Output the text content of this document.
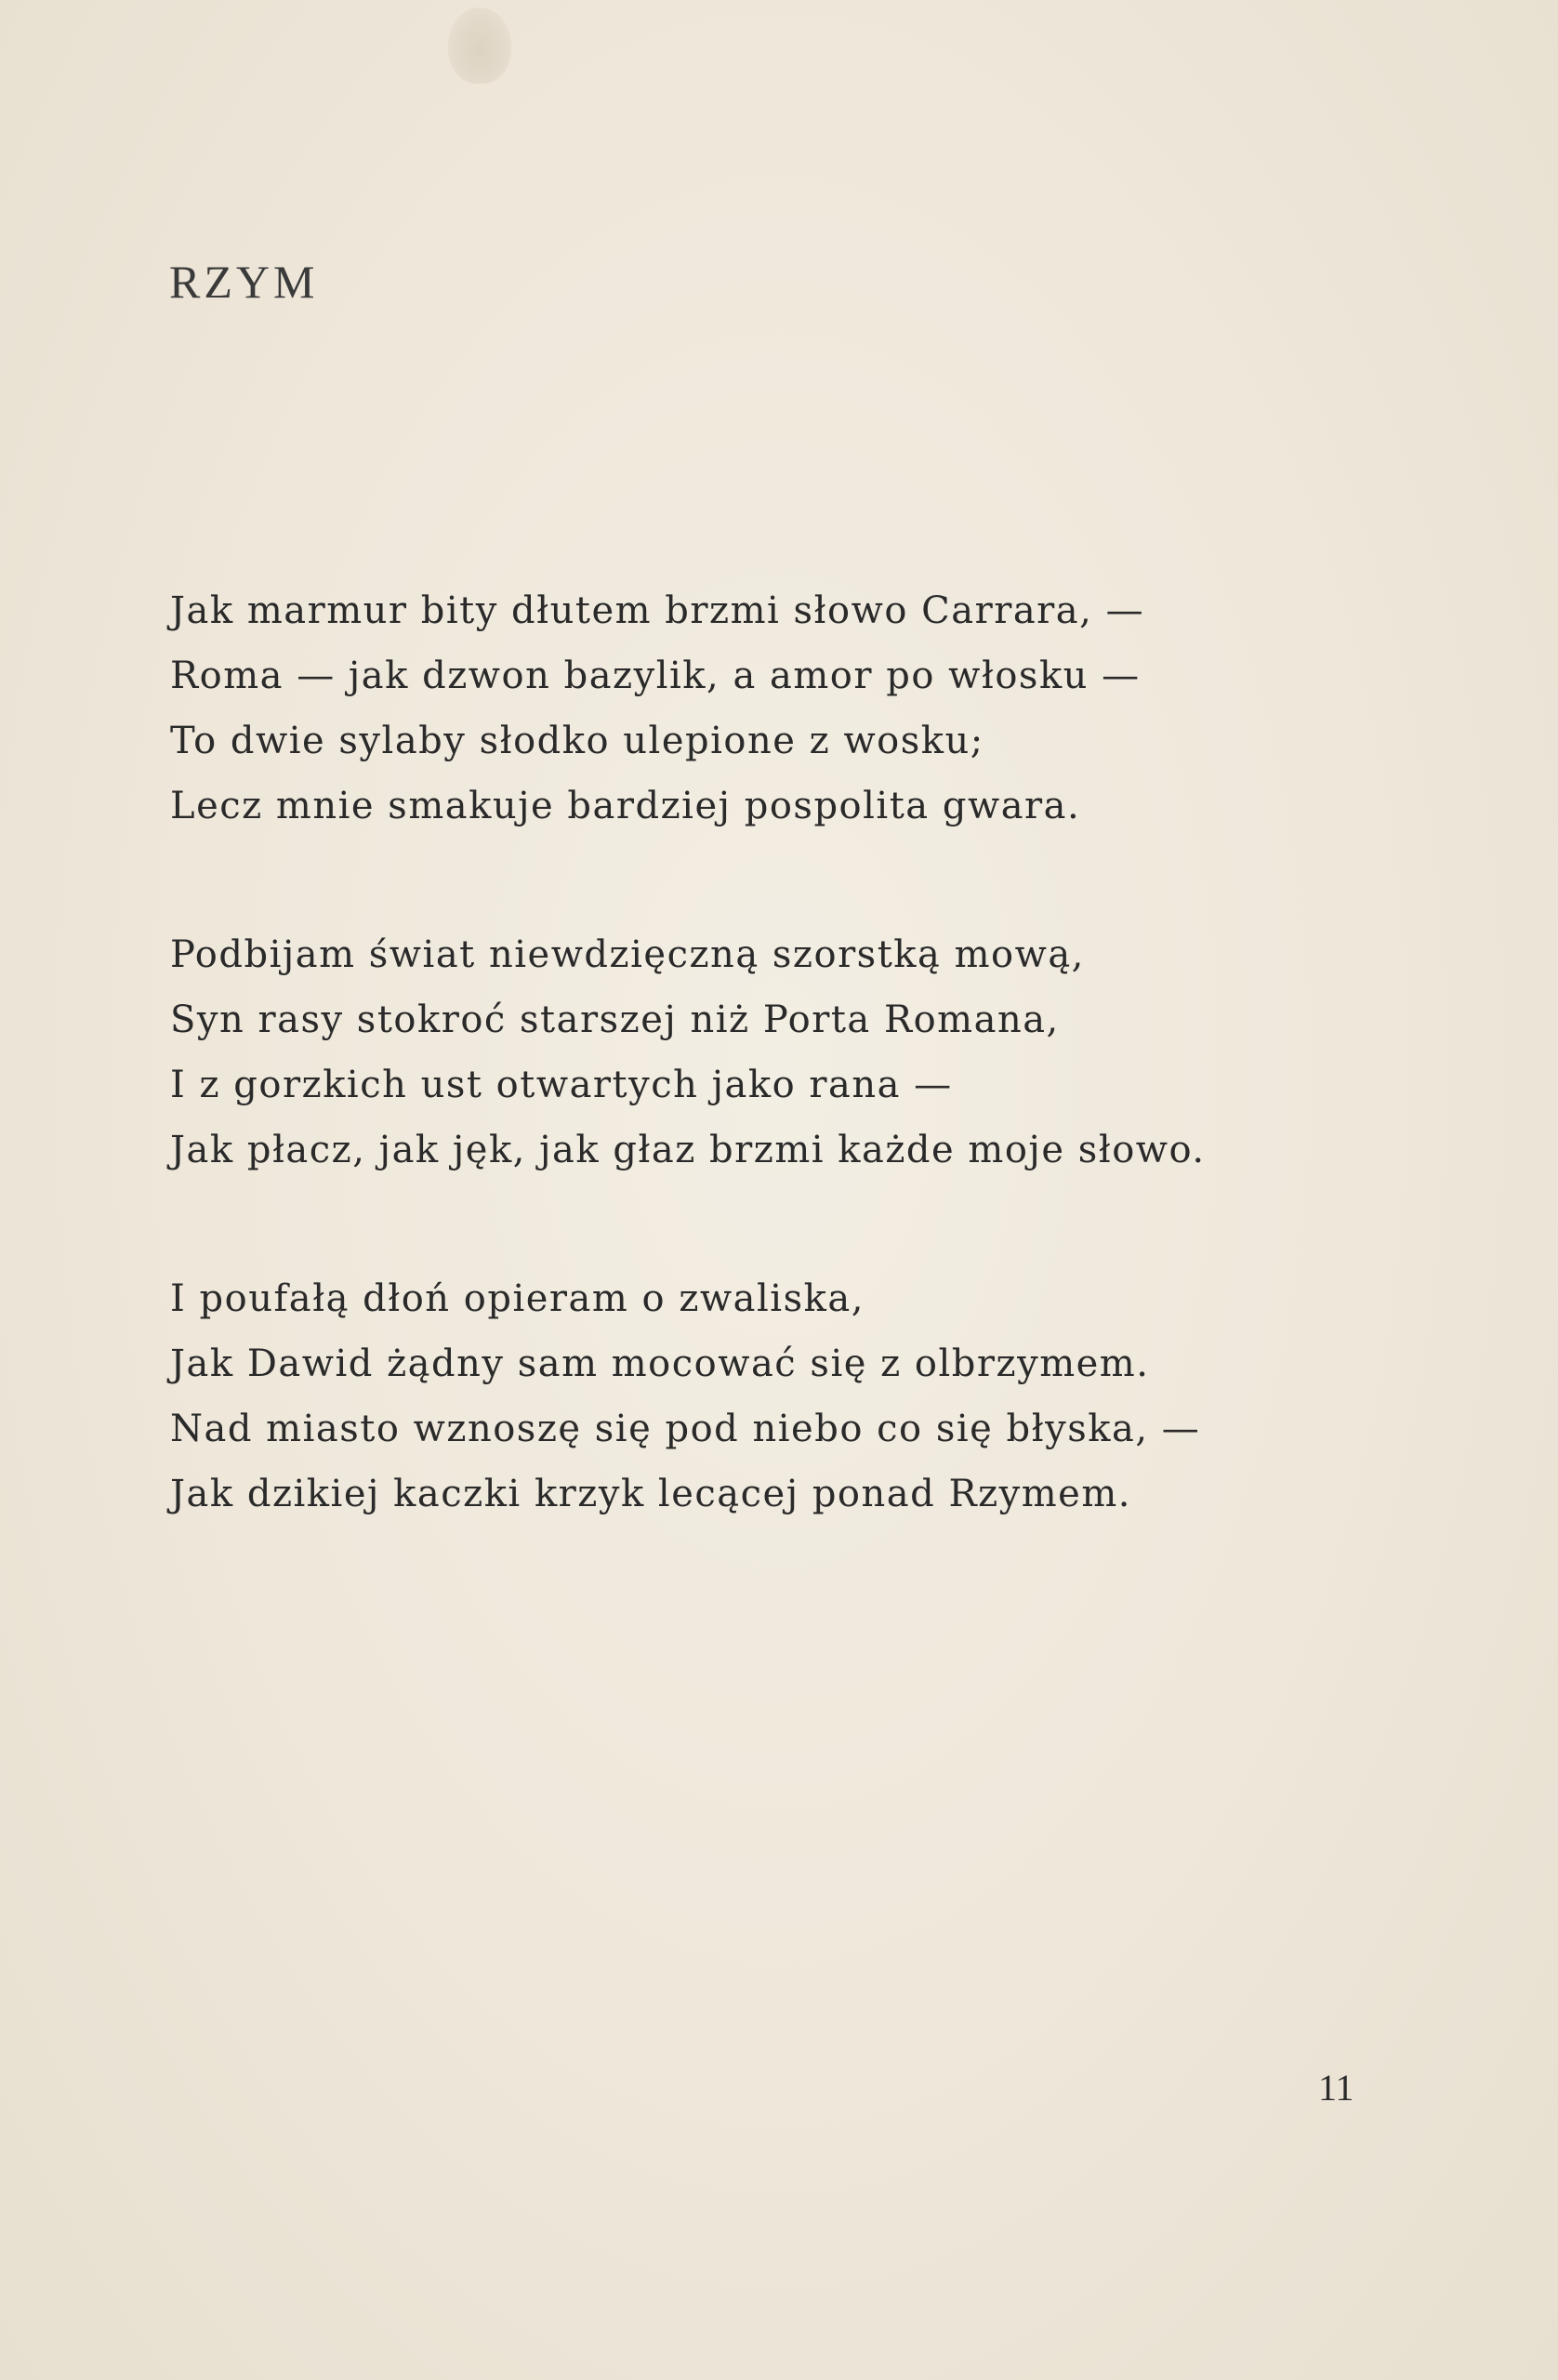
RZYM
Jak marmur bity dłutem brzmi słowo Carrara, —
Roma — jak dzwon bazylik, a amor po włosku —
To dwie sylaby słodko ulepione z wosku;
Lecz mnie smakuje bardziej pospolita gwara.
Podbijam świat niewdzięczną szorstką mową,
Syn rasy stokroć starszej niż Porta Romana,
I z gorzkich ust otwartych jako rana —
Jak płacz, jak jęk, jak głaz brzmi każde moje słowo.
I poufałą dłoń opieram o zwaliska,
Jak Dawid żądny sam mocować się z olbrzymem.
Nad miasto wznoszę się pod niebo co się błyska, —
Jak dzikiej kaczki krzyk lecącej ponad Rzymem.
11
